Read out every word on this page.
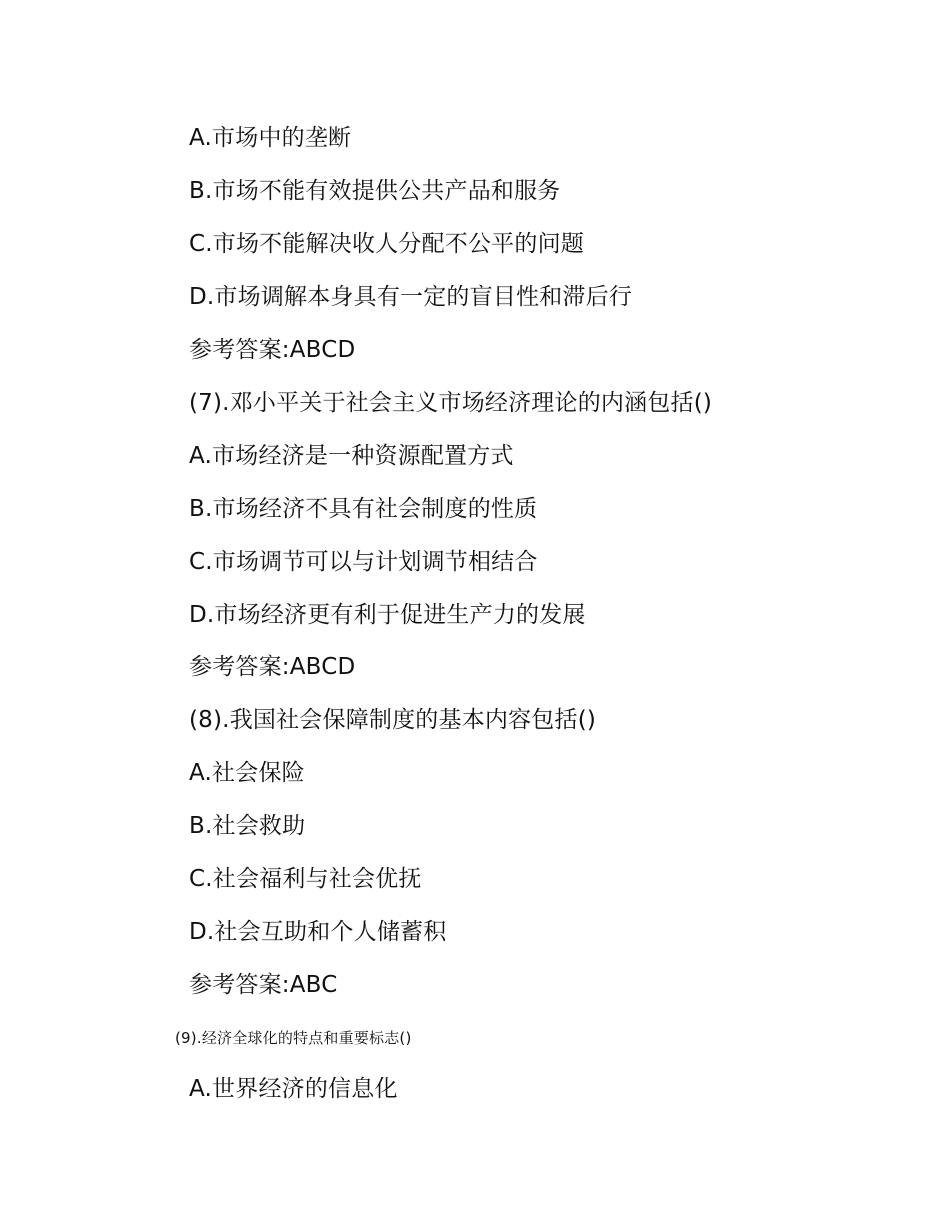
A.市场中的垄断
B.市场不能有效提供公共产品和服务
C.市场不能解决收人分配不公平的问题
D.市场调解本身具有一定的盲目性和滞后行
参考答案:ABCD
(7).邓小平关于社会主义市场经济理论的内涵包括()
A.市场经济是一种资源配置方式
B.市场经济不具有社会制度的性质
C.市场调节可以与计划调节相结合
D.市场经济更有利于促进生产力的发展
参考答案:ABCD
(8).我国社会保障制度的基本内容包括()
A.社会保险
B.社会救助
C.社会福利与社会优抚
D.社会互助和个人储蓄积
参考答案:ABC
(9).经济全球化的特点和重要标志()
A.世界经济的信息化
